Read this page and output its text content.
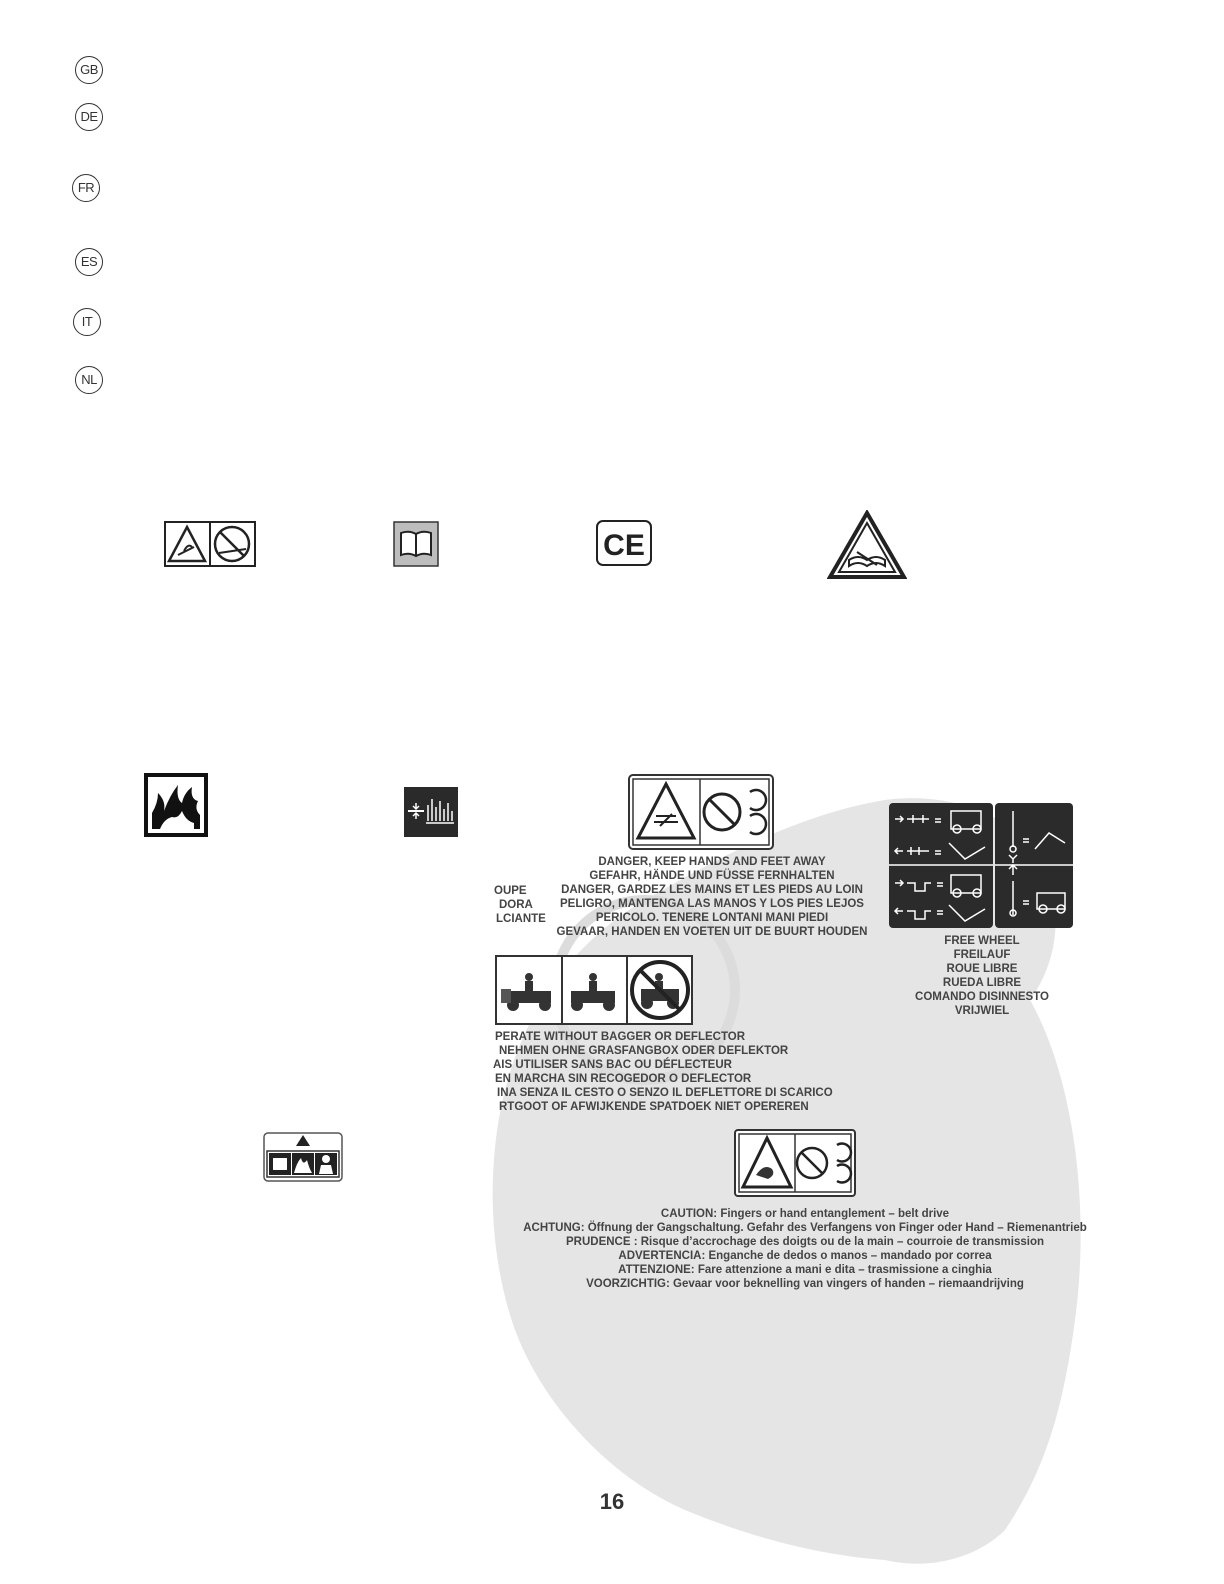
GB
DE
FR
ES
IT
NL
CE
DANGER, KEEP HANDS AND FEET AWAY
GEFAHR, HÄNDE UND FÜSSE FERNHALTEN
DANGER, GARDEZ LES MAINS ET LES PIEDS AU LOIN
PELIGRO, MANTENGA LAS MANOS Y LOS PIES LEJOS
PERICOLO. TENERE LONTANI MANI PIEDI
GEVAAR, HANDEN EN VOETEN UIT DE BUURT HOUDEN
OUPE
DORA
LCIANTE
FREE WHEEL
FREILAUF
ROUE LIBRE
RUEDA LIBRE
COMANDO DISINNESTO
VRIJWIEL
PERATE WITHOUT BAGGER OR DEFLECTOR
NEHMEN OHNE GRASFANGBOX ODER DEFLEKTOR
AIS UTILISER SANS BAC OU DÉFLECTEUR
EN MARCHA SIN RECOGEDOR O DEFLECTOR
INA SENZA IL CESTO O SENZO IL DEFLETTORE DI SCARICO
RTGOOT OF AFWIJKENDE SPATDOEK NIET OPEREREN
CAUTION: Fingers or hand entanglement – belt drive
ACHTUNG: Öffnung der Gangschaltung. Gefahr des Verfangens von Finger oder Hand – Riemenantrieb
PRUDENCE : Risque d’accrochage des doigts ou de la main – courroie de transmission
ADVERTENCIA: Enganche de dedos o manos – mandado por correa
ATTENZIONE: Fare attenzione a mani e dita – trasmissione a cinghia
VOORZICHTIG: Gevaar voor beknelling van vingers of handen – riemaandrijving
16
